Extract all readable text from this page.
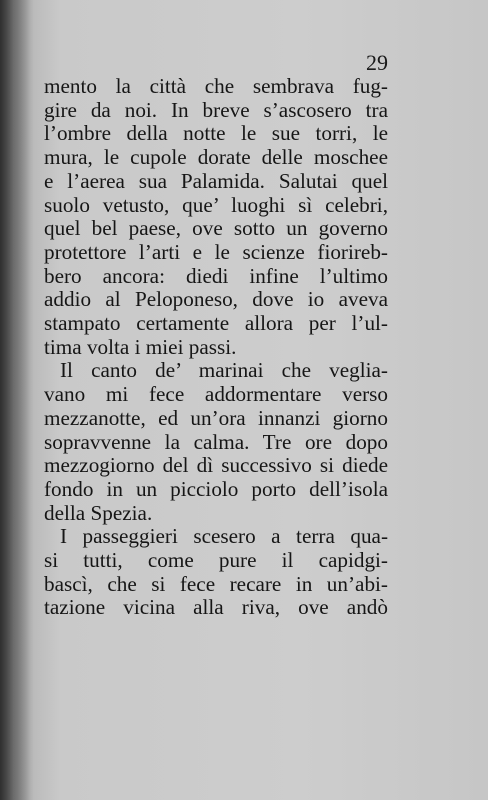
29
mento la città che sembrava fug-
gire da noi. In breve s’ascosero tra
l’ombre della notte le sue torri, le
mura, le cupole dorate delle moschee
e l’aerea sua Palamida. Salutai quel
suolo vetusto, que’ luoghi sì celebri,
quel bel paese, ove sotto un governo
protettore l’arti e le scienze fiorireb-
bero ancora: diedi infine l’ultimo
addio al Peloponeso, dove io aveva
stampato certamente allora per l’ul-
tima volta i miei passi.
Il canto de’ marinai che veglia-
vano mi fece addormentare verso
mezzanotte, ed un’ora innanzi giorno
sopravvenne la calma. Tre ore dopo
mezzogiorno del dì successivo si diede
fondo in un picciolo porto dell’isola
della Spezia.
I passeggieri scesero a terra qua-
si tutti, come pure il capidgi-
bascì, che si fece recare in un’abi-
tazione vicina alla riva, ove andò
